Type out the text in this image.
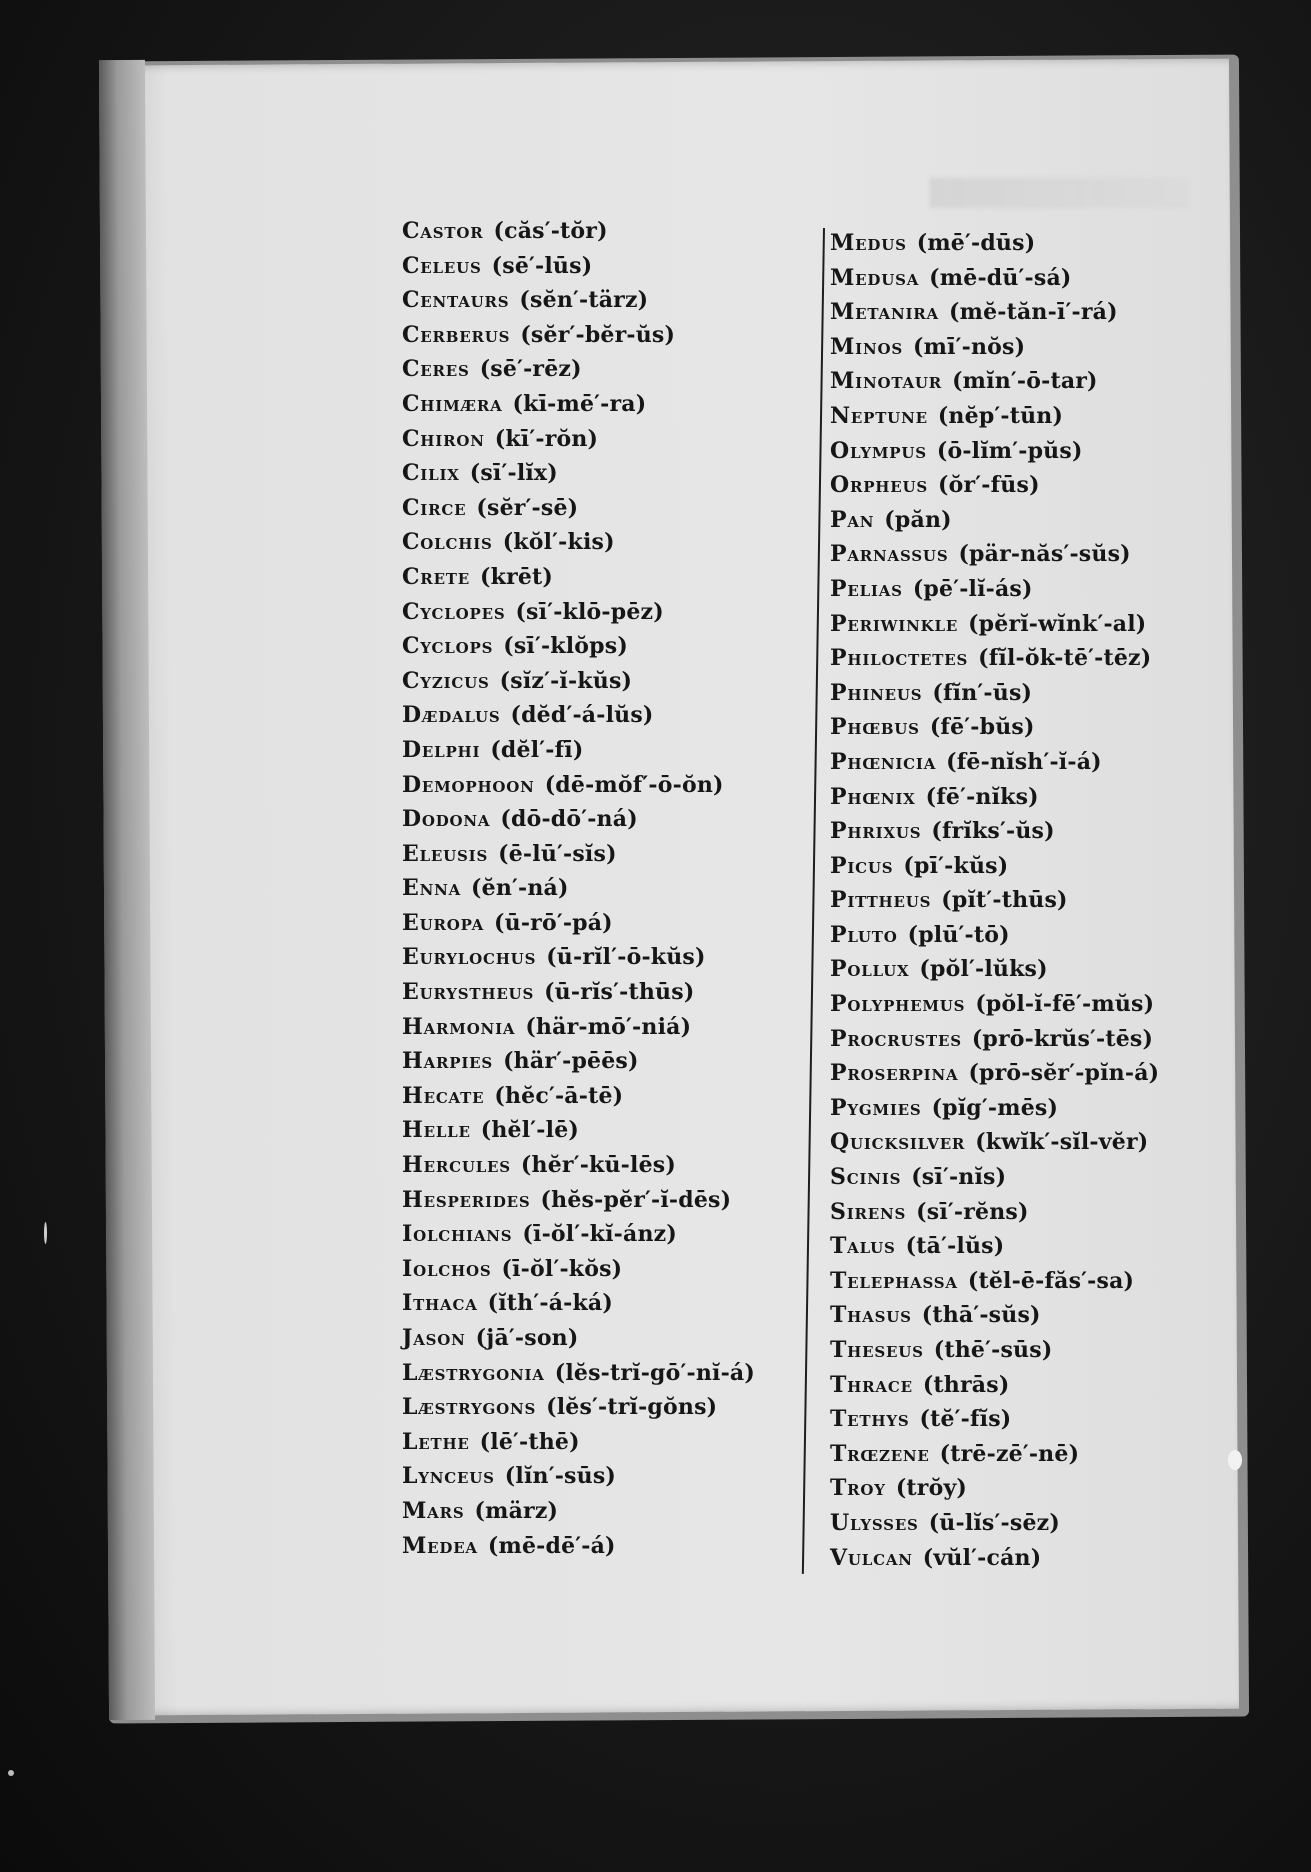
Castor (căs′-tŏr)
Celeus (sē′-lūs)
Centaurs (sĕn′-tärz)
Cerberus (sĕr′-bĕr-ŭs)
Ceres (sē′-rēz)
Chimæra (kī-mē′-ra)
Chiron (kī′-rŏn)
Cilix (sī′-lĭx)
Circe (sĕr′-sē)
Colchis (kŏl′-kis)
Crete (krēt)
Cyclopes (sī′-klō-pēz)
Cyclops (sī′-klŏps)
Cyzicus (sĭz′-ĭ-kŭs)
Dædalus (dĕd′-á-lŭs)
Delphi (dĕl′-fī)
Demophoon (dē-mŏf′-ō-ŏn)
Dodona (dō-dō′-ná)
Eleusis (ē-lū′-sĭs)
Enna (ĕn′-ná)
Europa (ū-rō′-pá)
Eurylochus (ū-rĭl′-ō-kŭs)
Eurystheus (ū-rĭs′-thūs)
Harmonia (här-mō′-niá)
Harpies (här′-pēēs)
Hecate (hĕc′-ā-tē)
Helle (hĕl′-lē)
Hercules (hĕr′-kū-lēs)
Hesperides (hĕs-pĕr′-ĭ-dēs)
Iolchians (ī-ŏl′-kĭ-ánz)
Iolchos (ī-ŏl′-kŏs)
Ithaca (ĭth′-á-ká)
Jason (jā′-son)
Læstrygonia (lĕs-trĭ-gō′-nĭ-á)
Læstrygons (lĕs′-trĭ-gŏns)
Lethe (lē′-thē)
Lynceus (lĭn′-sūs)
Mars (märz)
Medea (mē-dē′-á)
Medus (mē′-dūs)
Medusa (mē-dū′-sá)
Metanira (mĕ-tăn-ī′-rá)
Minos (mī′-nŏs)
Minotaur (mĭn′-ō-tar)
Neptune (nĕp′-tūn)
Olympus (ō-lĭm′-pŭs)
Orpheus (ŏr′-fūs)
Pan (păn)
Parnassus (pär-năs′-sŭs)
Pelias (pē′-lĭ-ás)
Periwinkle (pĕrĭ-wĭnk′-al)
Philoctetes (fĭl-ŏk-tē′-tēz)
Phineus (fĭn′-ūs)
Phœbus (fē′-bŭs)
Phœnicia (fē-nĭsh′-ĭ-á)
Phœnix (fē′-nĭks)
Phrixus (frĭks′-ŭs)
Picus (pī′-kŭs)
Pittheus (pĭt′-thūs)
Pluto (plū′-tō)
Pollux (pŏl′-lŭks)
Polyphemus (pŏl-ĭ-fē′-mŭs)
Procrustes (prō-krŭs′-tēs)
Proserpina (prō-sĕr′-pĭn-á)
Pygmies (pĭg′-mēs)
Quicksilver (kwĭk′-sĭl-vĕr)
Scinis (sī′-nĭs)
Sirens (sī′-rĕns)
Talus (tā′-lŭs)
Telephassa (tĕl-ē-făs′-sa)
Thasus (thā′-sŭs)
Theseus (thē′-sūs)
Thrace (thrās)
Tethys (tĕ′-fĭs)
Trœzene (trē-zē′-nē)
Troy (trŏy)
Ulysses (ū-lĭs′-sēz)
Vulcan (vŭl′-cán)
